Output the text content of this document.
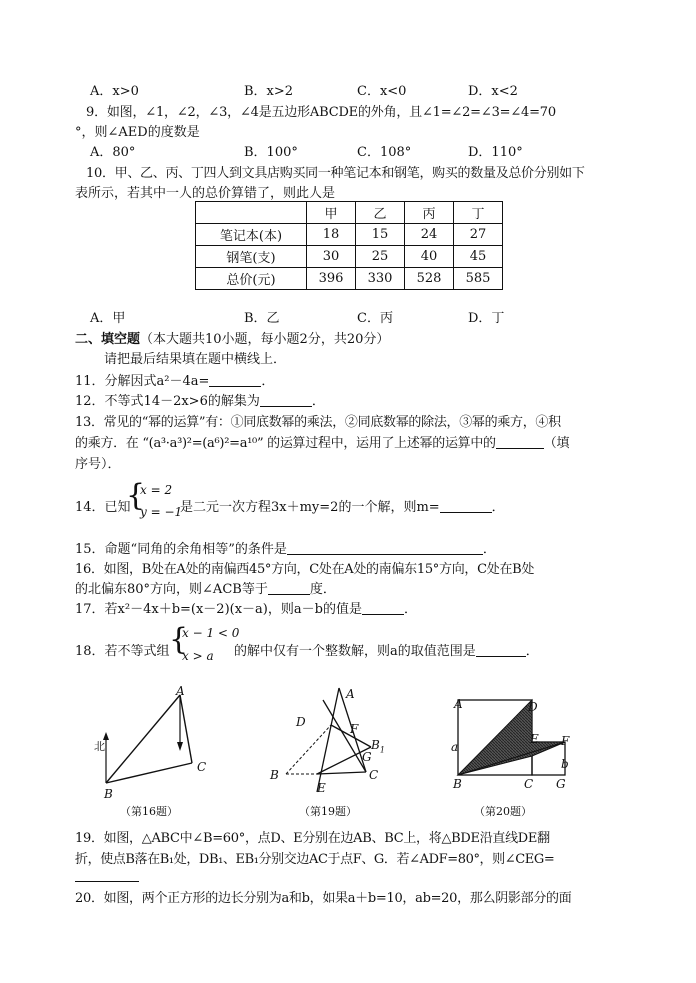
A．x>0	B．x>2	C．x<0	D．x<2
9．如图，∠1，∠2，∠3，∠4是五边形ABCDE的外角，且∠1=∠2=∠3=∠4=70
°，则∠AED的度数是
A．80°	B．100°	C．108°	D．110°
10．甲、乙、丙、丁四人到文具店购买同一种笔记本和钢笔，购买的数量及总价分别如下
表所示，若其中一人的总价算错了，则此人是
	甲	乙	丙	丁
笔记本(本)	18	15	24	27
钢笔(支)	30	25	40	45
总价(元)	396	330	528	585
A．甲	B．乙	C．丙	D．丁
二、填空题（本大题共10小题，每小题2分，共20分）
请把最后结果填在题中横线上．
11．分解因式a²－4a=	．
12．不等式14－2x>6的解集为	．
13．常见的“幂的运算”有：①同底数幂的乘法，②同底数幂的除法，③幂的乘方，④积
的乘方．在 “(a³·a³)²=(a⁶)²=a¹⁰” 的运算过程中，运用了上述幂的运算中的	（填
序号）．
14．已知
{
x = 2
y = −1
是二元一次方程3x＋my=2的一个解，则m=	．
15．命题“同角的余角相等”的条件是	．
16．如图，B处在A处的南偏西45°方向，C处在A处的南偏东15°方向，C处在B处
的北偏东80°方向，则∠ACB等于	度．
17．若x²－4x＋b=(x－2)(x－a)，则a－b的值是	．
18．若不等式组 {
x − 1 < 0
x > a 的解中仅有一个整数解，则a的取值范围是	．
北
A
B
C
（第16题）
A
D	F
$B_1$
G
B	C
E
（第19题）
A	D
a
E F
b
B	C G
（第20题）
19．如图，△ABC中∠B=60°，点D、E分别在边AB、BC上，将△BDE沿直线DE翻
折，使点B落在B₁处，DB₁、EB₁分别交边AC于点F、G．若∠ADF=80°，则∠CEG=
20．如图，两个正方形的边长分别为a和b，如果a＋b=10，ab=20，那么阴影部分的面
